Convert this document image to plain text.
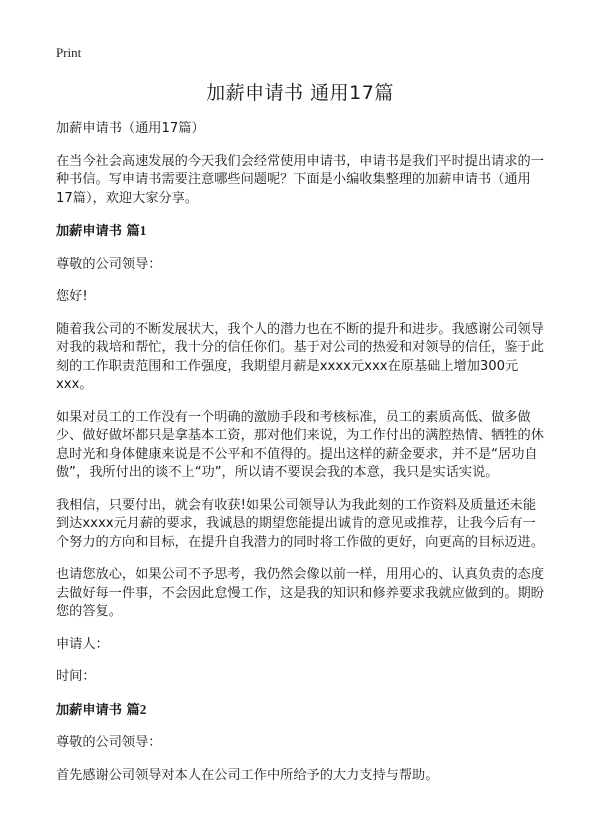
Print
加薪申请书 通用17篇

加薪申请书（通用17篇）

在当今社会高速发展的今天我们会经常使用申请书，申请书是我们平时提出请求的一种书信。写申请书需要注意哪些问题呢？下面是小编收集整理的加薪申请书（通用17篇），欢迎大家分享。

加薪申请书 篇1

尊敬的公司领导：

您好!

随着我公司的不断发展状大，我个人的潜力也在不断的提升和进步。我感谢公司领导对我的栽培和帮忙，我十分的信任你们。基于对公司的热爱和对领导的信任，鉴于此刻的工作职责范围和工作强度，我期望月薪是xxxx元xxx在原基础上增加300元xxx。

如果对员工的工作没有一个明确的激励手段和考核标准，员工的素质高低、做多做少、做好做坏都只是拿基本工资，那对他们来说，为工作付出的满腔热情、牺牲的休息时光和身体健康来说是不公平和不值得的。提出这样的薪金要求，并不是“居功自傲”，我所付出的谈不上“功”，所以请不要误会我的本意，我只是实话实说。

我相信，只要付出，就会有收获!如果公司领导认为我此刻的工作资料及质量还未能到达xxxx元月薪的要求，我诚恳的期望您能提出诚肯的意见或推荐，让我今后有一个努力的方向和目标，在提升自我潜力的同时将工作做的更好，向更高的目标迈进。

也请您放心，如果公司不予思考，我仍然会像以前一样，用用心的、认真负责的态度去做好每一件事，不会因此怠慢工作，这是我的知识和修养要求我就应做到的。期盼您的答复。

申请人：

时间：

加薪申请书 篇2

尊敬的公司领导：

首先感谢公司领导对本人在公司工作中所给予的大力支持与帮助。
